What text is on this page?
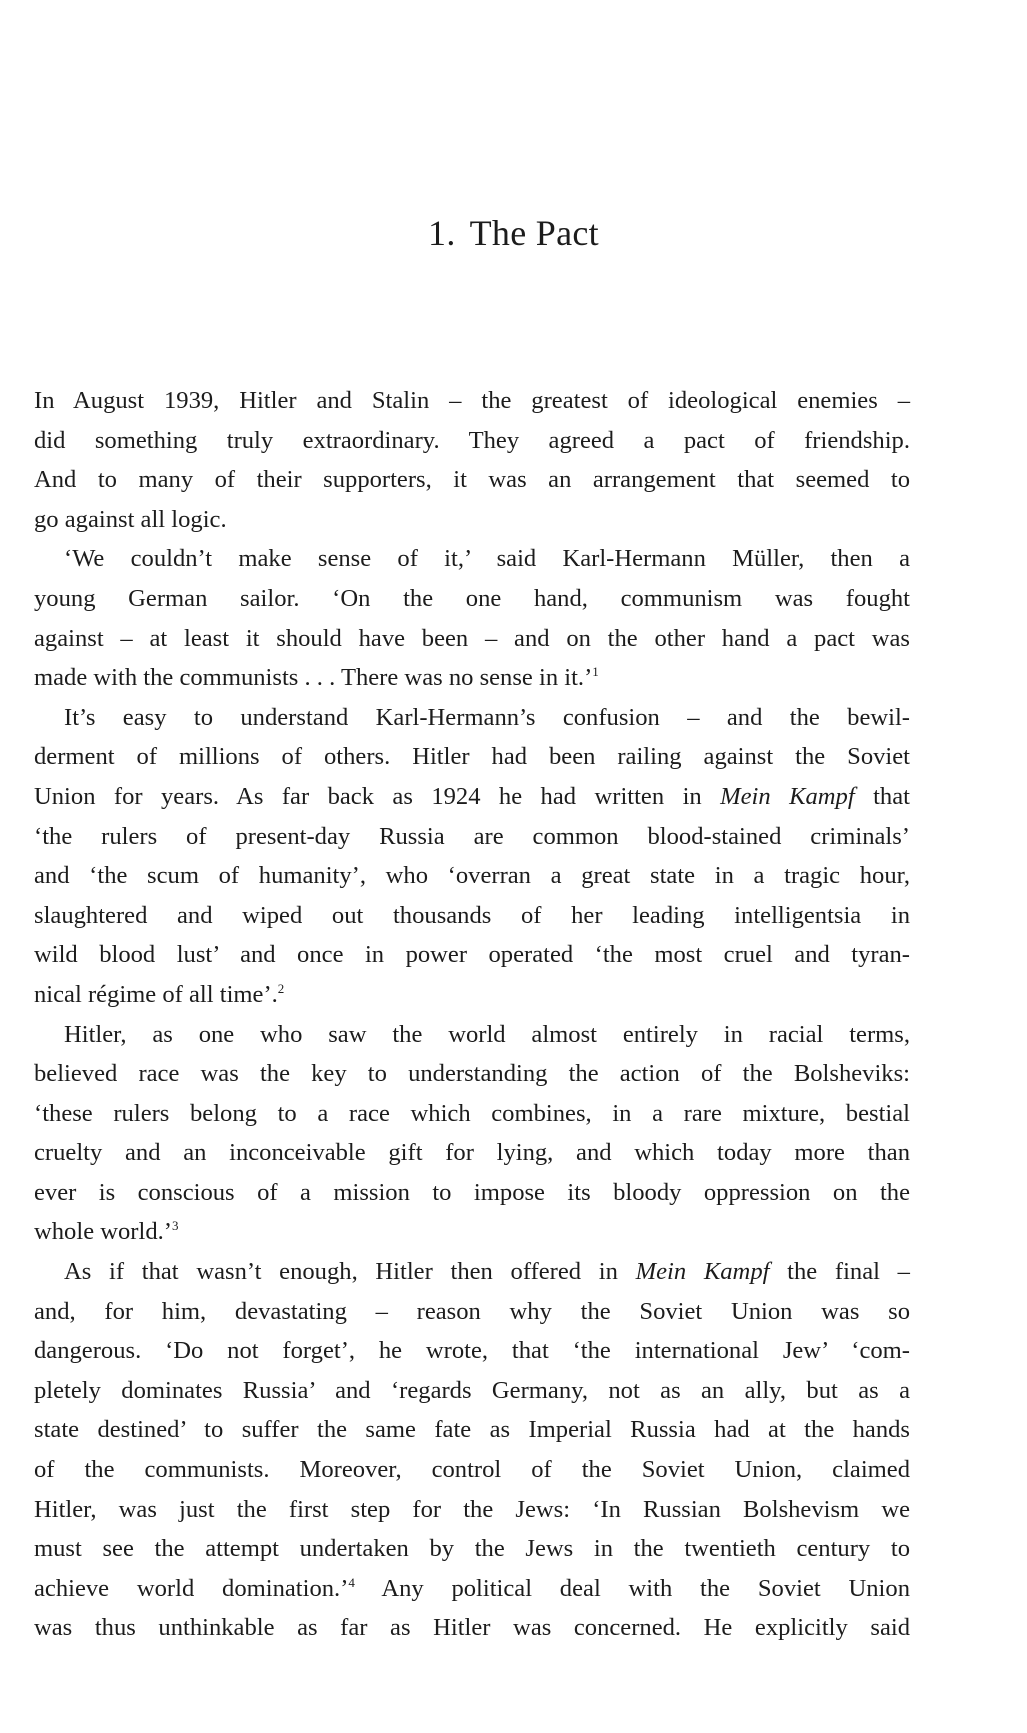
1. The Pact
In August 1939, Hitler and Stalin – the greatest of ideological enemies –
did something truly extraordinary. They agreed a pact of friendship.
And to many of their supporters, it was an arrangement that seemed to
go against all logic.
‘We couldn’t make sense of it,’ said Karl-Hermann Müller, then a
young German sailor. ‘On the one hand, communism was fought
against – at least it should have been – and on the other hand a pact was
made with the communists . . . There was no sense in it.’$^1$
It’s easy to understand Karl-Hermann’s confusion – and the bewil-
derment of millions of others. Hitler had been railing against the Soviet
Union for years. As far back as 1924 he had written in Mein Kampf that
‘the rulers of present-day Russia are common blood-stained criminals’
and ‘the scum of humanity’, who ‘overran a great state in a tragic hour,
slaughtered and wiped out thousands of her leading intelligentsia in
wild blood lust’ and once in power operated ‘the most cruel and tyran-
nical régime of all time’.$^2$
Hitler, as one who saw the world almost entirely in racial terms,
believed race was the key to understanding the action of the Bolsheviks:
‘these rulers belong to a race which combines, in a rare mixture, bestial
cruelty and an inconceivable gift for lying, and which today more than
ever is conscious of a mission to impose its bloody oppression on the
whole world.’$^3$
As if that wasn’t enough, Hitler then offered in Mein Kampf the final –
and, for him, devastating – reason why the Soviet Union was so
dangerous. ‘Do not forget’, he wrote, that ‘the international Jew’ ‘com-
pletely dominates Russia’ and ‘regards Germany, not as an ally, but as a
state destined’ to suffer the same fate as Imperial Russia had at the hands
of the communists. Moreover, control of the Soviet Union, claimed
Hitler, was just the first step for the Jews: ‘In Russian Bolshevism we
must see the attempt undertaken by the Jews in the twentieth century to
achieve world domination.’$^4$ Any political deal with the Soviet Union
was thus unthinkable as far as Hitler was concerned. He explicitly said
